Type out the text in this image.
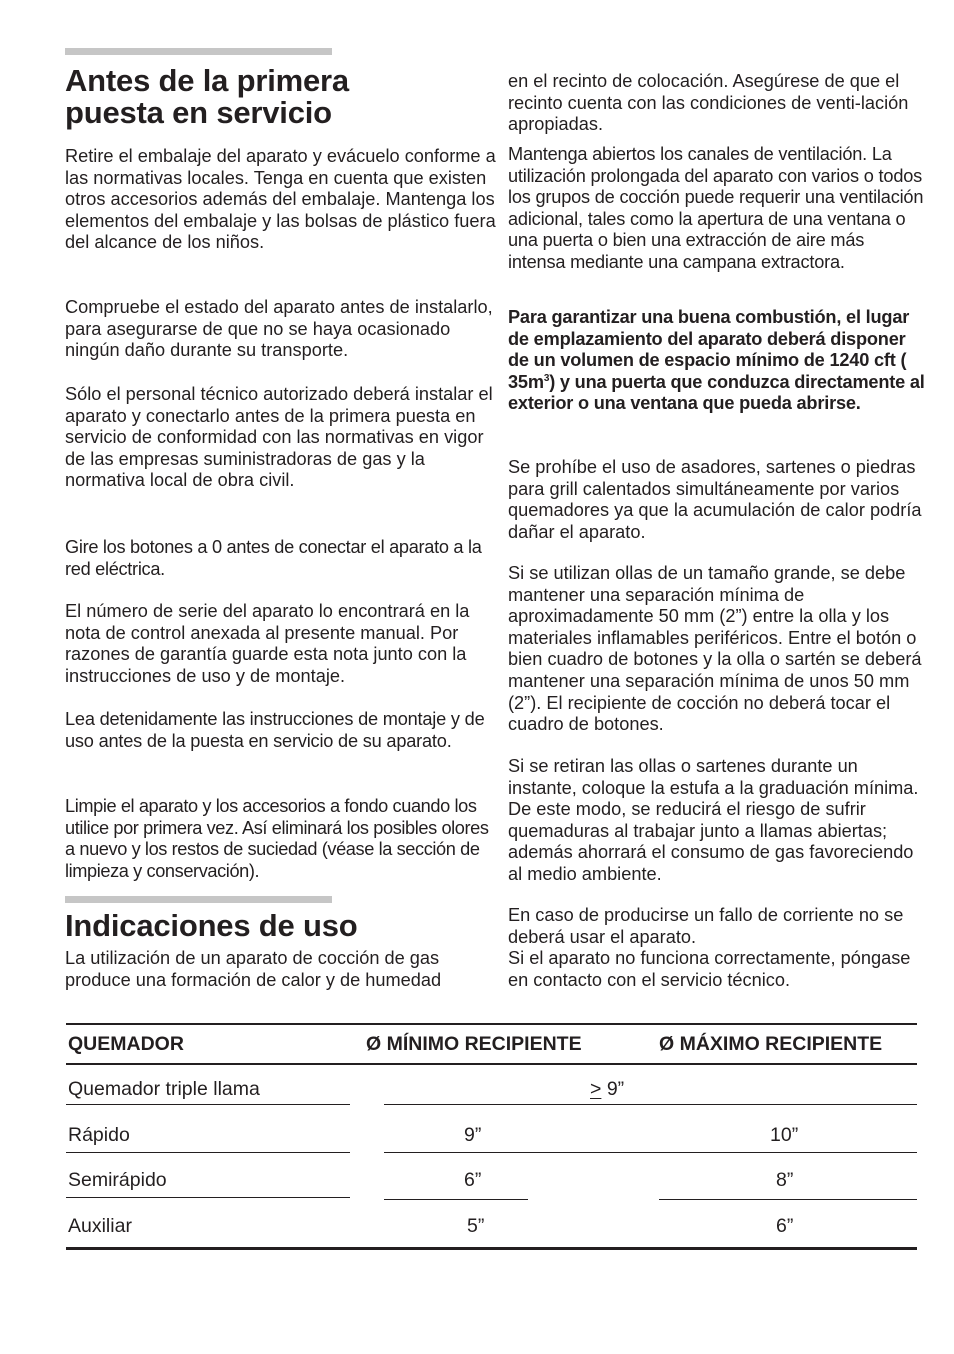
Antes de la primera
puesta en servicio

Retire el embalaje del aparato y evácuelo conforme a las normativas locales. Tenga en cuenta que existen otros accesorios además del embalaje. Mantenga los elementos del embalaje y las bolsas de plástico fuera del alcance de los niños.

Compruebe el estado del aparato antes de instalarlo, para asegurarse de que no se haya ocasionado ningún daño durante su transporte.

Sólo el personal técnico autorizado deberá instalar el aparato y conectarlo antes de la primera puesta en servicio de conformidad con las normativas en vigor de las empresas suministradoras de gas y la normativa local de obra civil.

Gire los botones a 0 antes de conectar el aparato a la red eléctrica.

El número de serie del aparato lo encontrará en la nota de control anexada al presente manual. Por razones de garantía guarde esta nota junto con la instrucciones de uso y de montaje.

Lea detenidamente las instrucciones de montaje y de uso antes de la puesta en servicio de su aparato.

Limpie el aparato y los accesorios a fondo cuando los utilice por primera vez. Así eliminará los posibles olores a nuevo y los restos de suciedad (véase la sección de limpieza y conservación).

Indicaciones de uso

La utilización de un aparato de cocción de gas produce una formación de calor y de humedad

en el recinto de colocación. Asegúrese de que el recinto cuenta con las condiciones de venti-lación apropiadas.

Mantenga abiertos los canales de ventilación. La utilización prolongada del aparato con varios o todos los grupos de cocción puede requerir una ventilación adicional, tales como la apertura de una ventana o una puerta o bien una extracción de aire más intensa mediante una campana extractora.

Para garantizar una buena combustión, el lugar de emplazamiento del aparato deberá disponer de un volumen de espacio mínimo de 1240 cft ( $35m^3$) y una puerta que conduzca directamente al exterior o una ventana que pueda abrirse.

Se prohíbe el uso de asadores, sartenes o piedras para grill calentados simultáneamente por varios quemadores ya que la acumulación de calor podría dañar el aparato.

Si se utilizan ollas de un tamaño grande, se debe mantener una separación mínima de aproximadamente 50 mm (2”) entre la olla y los materiales inflamables periféricos. Entre el botón o bien cuadro de botones y la olla o sartén se deberá mantener una separación mínima de unos 50 mm (2”). El recipiente de cocción no deberá tocar el cuadro de botones.

Si se retiran las ollas o sartenes durante un instante, coloque la estufa a la graduación mínima. De este modo, se reducirá el riesgo de sufrir quemaduras al trabajar junto a llamas abiertas; además ahorrará el consumo de gas favoreciendo al medio ambiente.

En caso de producirse un fallo de corriente no se deberá usar el aparato.
Si el aparato no funciona correctamente, póngase en contacto con el servicio técnico.

QUEMADOR	Ø MÍNIMO RECIPIENTE	Ø MÁXIMO RECIPIENTE
Quemador triple llama	≥ 9”
Rápido	9”	10”
Semirápido	6”	8”
Auxiliar	5”	6”
